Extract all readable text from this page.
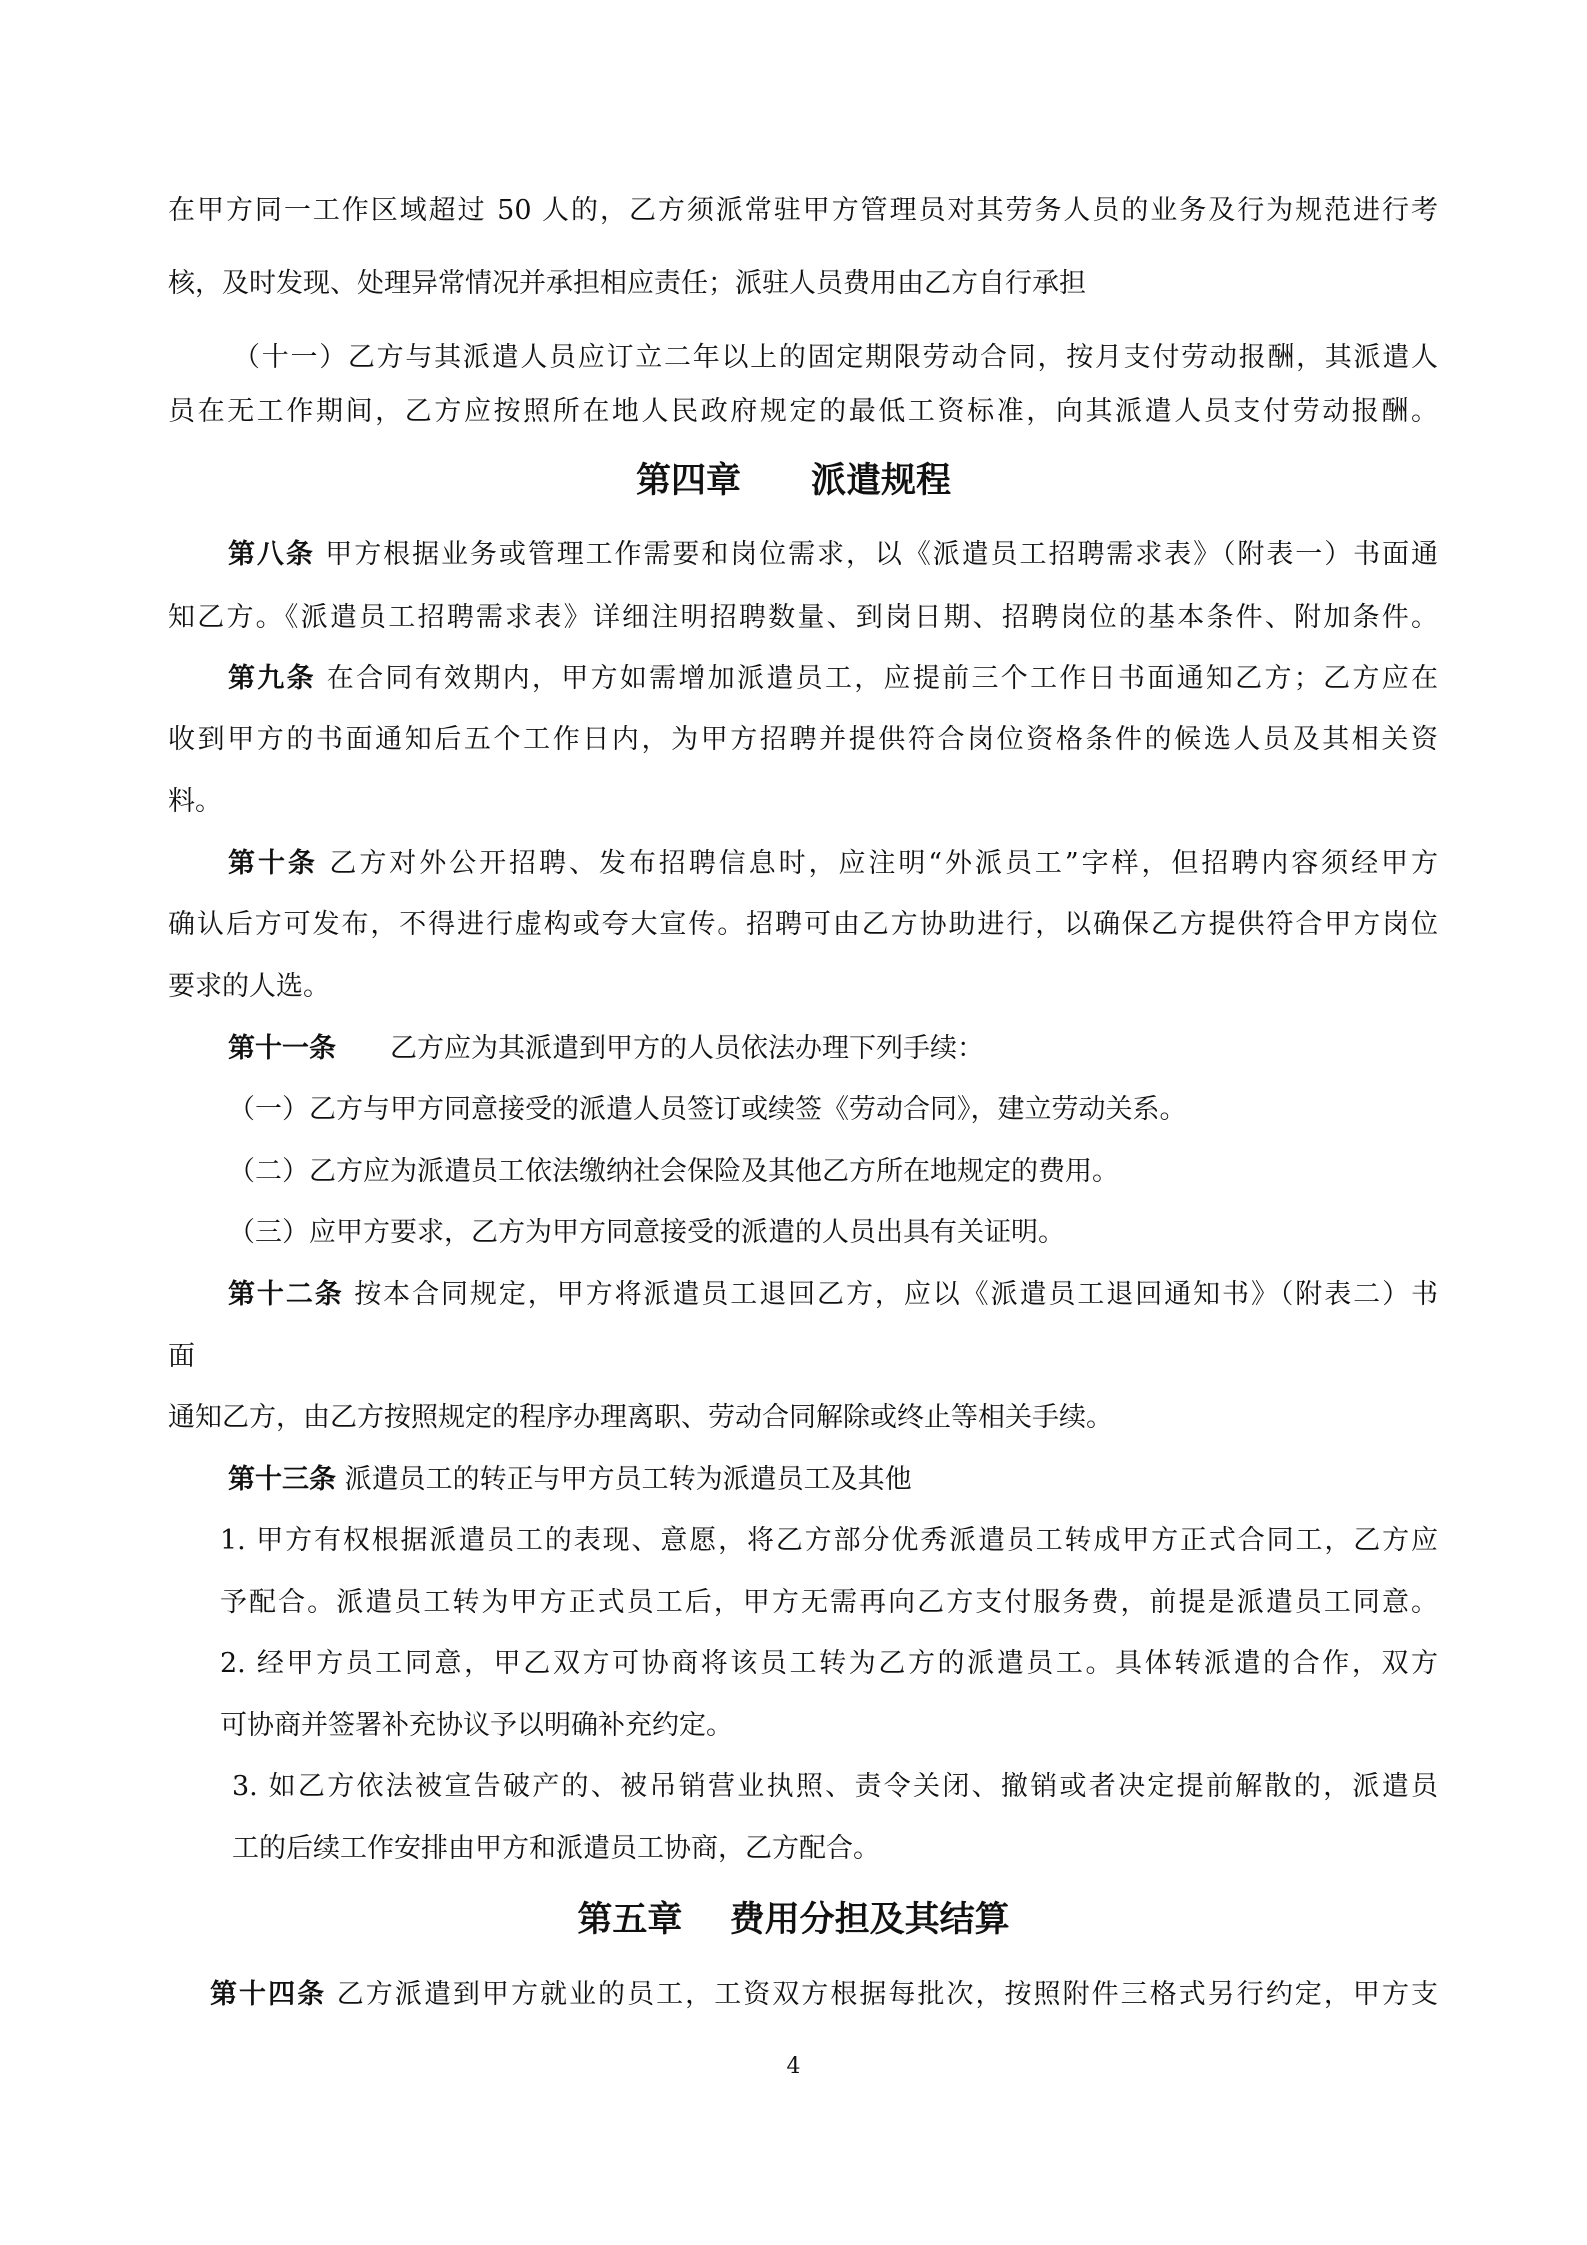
在甲方同一工作区域超过 50 人的，乙方须派常驻甲方管理员对其劳务人员的业务及行为规范进行考
核，及时发现、处理异常情况并承担相应责任；派驻人员费用由乙方自行承担
（十一）乙方与其派遣人员应订立二年以上的固定期限劳动合同，按月支付劳动报酬，其派遣人
员在无工作期间，乙方应按照所在地人民政府规定的最低工资标准，向其派遣人员支付劳动报酬。
第四章　　派遣规程
第八条 甲方根据业务或管理工作需要和岗位需求，以《派遣员工招聘需求表》（附表一）书面通
知乙方。《派遣员工招聘需求表》详细注明招聘数量、到岗日期、招聘岗位的基本条件、附加条件。
第九条 在合同有效期内，甲方如需增加派遣员工，应提前三个工作日书面通知乙方；乙方应在
收到甲方的书面通知后五个工作日内，为甲方招聘并提供符合岗位资格条件的候选人员及其相关资
料。
第十条 乙方对外公开招聘、发布招聘信息时，应注明“外派员工”字样，但招聘内容须经甲方
确认后方可发布，不得进行虚构或夸大宣传。招聘可由乙方协助进行，以确保乙方提供符合甲方岗位
要求的人选。
第十一条　　乙方应为其派遣到甲方的人员依法办理下列手续：
（一）乙方与甲方同意接受的派遣人员签订或续签《劳动合同》，建立劳动关系。
（二）乙方应为派遣员工依法缴纳社会保险及其他乙方所在地规定的费用。
（三）应甲方要求，乙方为甲方同意接受的派遣的人员出具有关证明。
第十二条 按本合同规定，甲方将派遣员工退回乙方，应以《派遣员工退回通知书》（附表二）书
面
通知乙方，由乙方按照规定的程序办理离职、劳动合同解除或终止等相关手续。
第十三条 派遣员工的转正与甲方员工转为派遣员工及其他
1. 甲方有权根据派遣员工的表现、意愿，将乙方部分优秀派遣员工转成甲方正式合同工，乙方应
予配合。派遣员工转为甲方正式员工后，甲方无需再向乙方支付服务费，前提是派遣员工同意。
2. 经甲方员工同意，甲乙双方可协商将该员工转为乙方的派遣员工。具体转派遣的合作，双方
可协商并签署补充协议予以明确补充约定。
3. 如乙方依法被宣告破产的、被吊销营业执照、责令关闭、撤销或者决定提前解散的，派遣员
工的后续工作安排由甲方和派遣员工协商，乙方配合。
第五章　 费用分担及其结算
第十四条 乙方派遣到甲方就业的员工，工资双方根据每批次，按照附件三格式另行约定，甲方支
4
